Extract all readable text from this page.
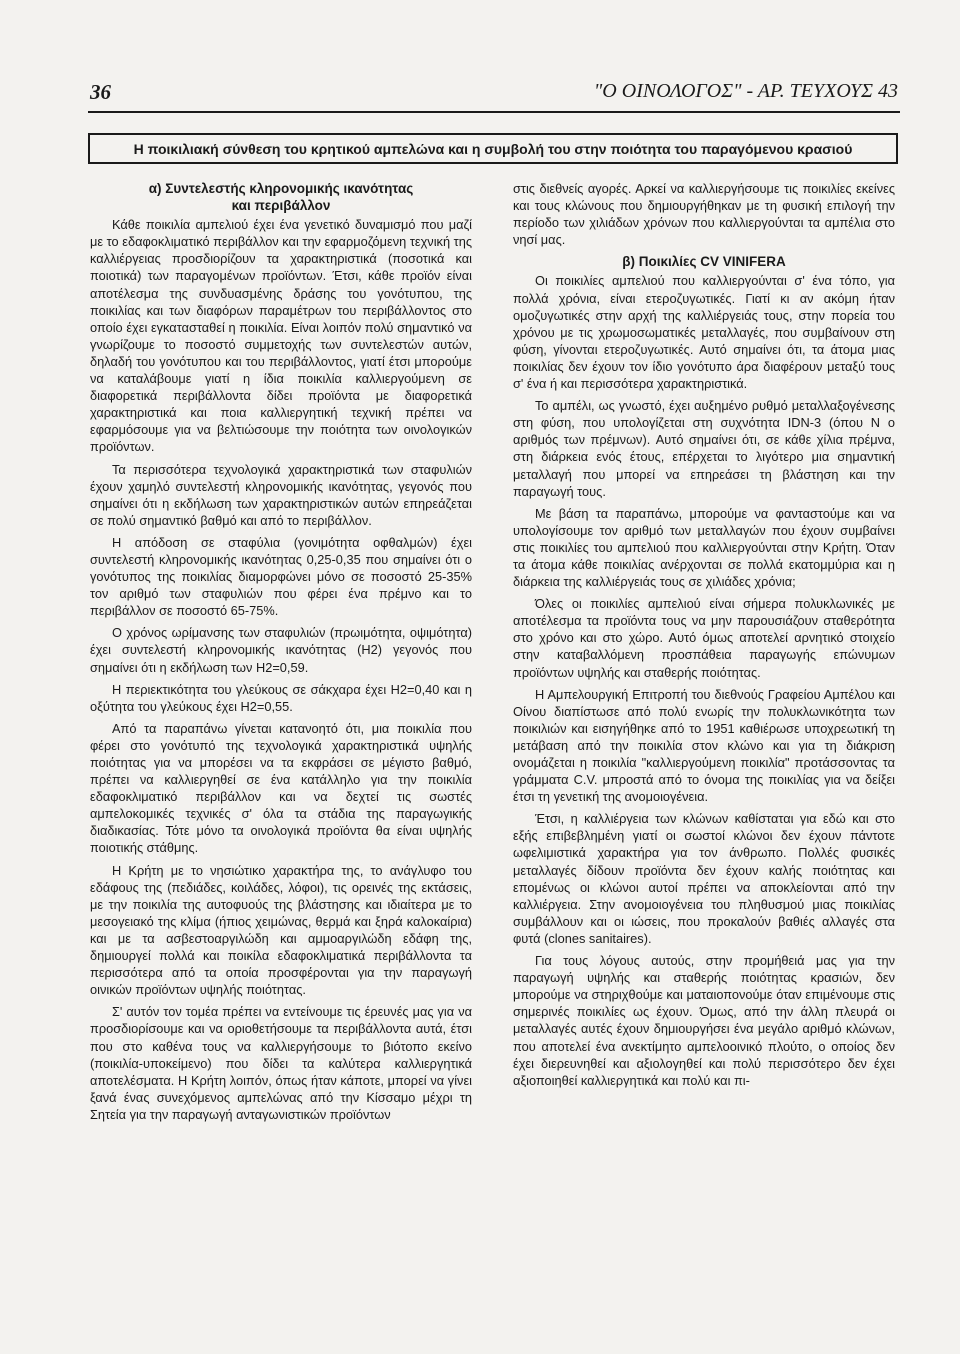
36	"Ο ΟΙΝΟΛΟΓΟΣ" - ΑΡ. ΤΕΥΧΟΥΣ 43
Η ποικιλιακή σύνθεση του κρητικού αμπελώνα και η συμβολή του στην ποιότητα του παραγόμενου κρασιού
α) Συντελεστής κληρονομικής ικανότητας
και περιβάλλον

Κάθε ποικιλία αμπελιού έχει ένα γενετικό δυναμισμό που μαζί με το εδαφοκλιματικό περιβάλλον και την εφαρμοζόμενη τεχνική της καλλιέργειας προσδιορίζουν τα χαρακτηριστικά (ποσοτικά και ποιοτικά) των παραγομένων προϊόντων. Έτσι, κάθε προϊόν είναι αποτέλεσμα της συνδυασμένης δράσης του γονότυπου, της ποικιλίας και των διαφόρων παραμέτρων του περιβάλλοντος στο οποίο έχει εγκατασταθεί η ποικιλία. Είναι λοιπόν πολύ σημαντικό να γνωρίζουμε το ποσοστό συμμετοχής των συντελεστών αυτών, δηλαδή του γονότυπου και του περιβάλλοντος, γιατί έτσι μπορούμε να καταλάβουμε γιατί η ίδια ποικιλία καλλιεργούμενη σε διαφορετικά περιβάλλοντα δίδει προϊόντα με διαφορετικά χαρακτηριστικά και ποια καλλιεργητική τεχνική πρέπει να εφαρμόσουμε για να βελτιώσουμε την ποιότητα των οινολογικών προϊόντων.

Τα περισσότερα τεχνολογικά χαρακτηριστικά των σταφυλιών έχουν χαμηλό συντελεστή κληρονομικής ικανότητας, γεγονός που σημαίνει ότι η εκδήλωση των χαρακτηριστικών αυτών επηρεάζεται σε πολύ σημαντικό βαθμό και από το περιβάλλον.

Η απόδοση σε σταφύλια (γονιμότητα οφθαλμών) έχει συντελεστή κληρονομικής ικανότητας 0,25-0,35 που σημαίνει ότι ο γονότυπος της ποικιλίας διαμορφώνει μόνο σε ποσοστό 25-35% τον αριθμό των σταφυλιών που φέρει ένα πρέμνο και το περιβάλλον σε ποσοστό 65-75%.

Ο χρόνος ωρίμανσης των σταφυλιών (πρωιμότητα, οψιμότητα) έχει συντελεστή κληρονομικής ικανότητας (Η2) γεγονός που σημαίνει ότι η εκδήλωση των H2=0,59.

Η περιεκτικότητα του γλεύκους σε σάκχαρα έχει H2=0,40 και η οξύτητα του γλεύκους έχει H2=0,55.

Από τα παραπάνω γίνεται κατανοητό ότι, μια ποικιλία που φέρει στο γονότυπό της τεχνολογικά χαρακτηριστικά υψηλής ποιότητας για να μπορέσει να τα εκφράσει σε μέγιστο βαθμό, πρέπει να καλλιεργηθεί σε ένα κατάλληλο για την ποικιλία εδαφοκλιματικό περιβάλλον και να δεχτεί τις σωστές αμπελοκομικές τεχνικές σ' όλα τα στάδια της παραγωγικής διαδικασίας. Τότε μόνο τα οινολογικά προϊόντα θα είναι υψηλής ποιοτικής στάθμης.

Η Κρήτη με το νησιώτικο χαρακτήρα της, το ανάγλυφο του εδάφους της (πεδιάδες, κοιλάδες, λόφοι), τις ορεινές της εκτάσεις, με την ποικιλία της αυτοφυούς της βλάστησης και ιδιαίτερα με το μεσογειακό της κλίμα (ήπιος χειμώνας, θερμά και ξηρά καλοκαίρια) και με τα ασβεστοαργιλώδη και αμμοαργιλώδη εδάφη της, δημιουργεί πολλά και ποικίλα εδαφοκλιματικά περιβάλλοντα τα περισσότερα από τα οποία προσφέρονται για την παραγωγή οινικών προϊόντων υψηλής ποιότητας.

Σ' αυτόν τον τομέα πρέπει να εντείνουμε τις έρευνές μας για να προσδιορίσουμε και να οριοθετήσουμε τα περιβάλλοντα αυτά, έτσι που στο καθένα τους να καλλιεργήσουμε το βιότοπο εκείνο (ποικιλία-υποκείμενο) που δίδει τα καλύτερα καλλιεργητικά αποτελέσματα. Η Κρήτη λοιπόν, όπως ήταν κάποτε, μπορεί να γίνει ξανά ένας συνεχόμενος αμπελώνας από την Κίσσαμο μέχρι τη Σητεία για την παραγωγή ανταγωνιστικών προϊόντων

στις διεθνείς αγορές. Αρκεί να καλλιεργήσουμε τις ποικιλίες εκείνες και τους κλώνους που δημιουργήθηκαν με τη φυσική επιλογή την περίοδο των χιλιάδων χρόνων που καλλιεργούνται τα αμπέλια στο νησί μας.

β) Ποικιλίες CV VINIFERA

Οι ποικιλίες αμπελιού που καλλιεργούνται σ' ένα τόπο, για πολλά χρόνια, είναι ετεροζυγωτικές. Γιατί κι αν ακόμη ήταν ομοζυγωτικές στην αρχή της καλλιέργειάς τους, στην πορεία του χρόνου με τις χρωμοσωματικές μεταλλαγές, που συμβαίνουν στη φύση, γίνονται ετεροζυγωτικές. Αυτό σημαίνει ότι, τα άτομα μιας ποικιλίας δεν έχουν τον ίδιο γονότυπο άρα διαφέρουν μεταξύ τους σ' ένα ή και περισσότερα χαρακτηριστικά.

Το αμπέλι, ως γνωστό, έχει αυξημένο ρυθμό μεταλλαξογένεσης στη φύση, που υπολογίζεται στη συχνότητα IDN-3 (όπου N ο αριθμός των πρέμνων). Αυτό σημαίνει ότι, σε κάθε χίλια πρέμνα, στη διάρκεια ενός έτους, επέρχεται το λιγότερο μια σημαντική μεταλλαγή που μπορεί να επηρεάσει τη βλάστηση και την παραγωγή τους.

Με βάση τα παραπάνω, μπορούμε να φανταστούμε και να υπολογίσουμε τον αριθμό των μεταλλαγών που έχουν συμβαίνει στις ποικιλίες του αμπελιού που καλλιεργούνται στην Κρήτη. Όταν τα άτομα κάθε ποικιλίας ανέρχονται σε πολλά εκατομμύρια και η διάρκεια της καλλιέργειάς τους σε χιλιάδες χρόνια;

Όλες οι ποικιλίες αμπελιού είναι σήμερα πολυκλωνικές με αποτέλεσμα τα προϊόντα τους να μην παρουσιάζουν σταθερότητα στο χρόνο και στο χώρο. Αυτό όμως αποτελεί αρνητικό στοιχείο στην καταβαλλόμενη προσπάθεια παραγωγής επώνυμων προϊόντων υψηλής και σταθερής ποιότητας.

Η Αμπελουργική Επιτροπή του διεθνούς Γραφείου Αμπέλου και Οίνου διαπίστωσε από πολύ ενωρίς την πολυκλωνικότητα των ποικιλιών και εισηγήθηκε από το 1951 καθιέρωσε υποχρεωτική τη μετάβαση από την ποικιλία στον κλώνο και για τη διάκριση ονομάζεται η ποικιλία "καλλιεργούμενη ποικιλία" προτάσσοντας τα γράμματα C.V. μπροστά από το όνομα της ποικιλίας για να δείξει έτσι τη γενετική της ανομοιογένεια.

Έτσι, η καλλιέργεια των κλώνων καθίσταται για εδώ και στο εξής επιβεβλημένη γιατί οι σωστοί κλώνοι δεν έχουν πάντοτε ωφελιμιστικά χαρακτήρα για τον άνθρωπο. Πολλές φυσικές μεταλλαγές δίδουν προϊόντα δεν έχουν καλής ποιότητας και επομένως οι κλώνοι αυτοί πρέπει να αποκλείονται από την καλλιέργεια. Στην ανομοιογένεια του πληθυσμού μιας ποικιλίας συμβάλλουν και οι ιώσεις, που προκαλούν βαθιές αλλαγές στα φυτά (clones sanitaires).

Για τους λόγους αυτούς, στην προμήθειά μας για την παραγωγή υψηλής και σταθερής ποιότητας κρασιών, δεν μπορούμε να στηριχθούμε και ματαιοπονούμε όταν επιμένουμε στις σημερινές ποικιλίες ως έχουν. Όμως, από την άλλη πλευρά οι μεταλλαγές αυτές έχουν δημιουργήσει ένα μεγάλο αριθμό κλώνων, που αποτελεί ένα ανεκτίμητο αμπελοοινικό πλούτο, ο οποίος δεν έχει διερευνηθεί και αξιολογηθεί και πολύ περισσότερο δεν έχει αξιοποιηθεί καλλιεργητικά και πολύ και πι-
